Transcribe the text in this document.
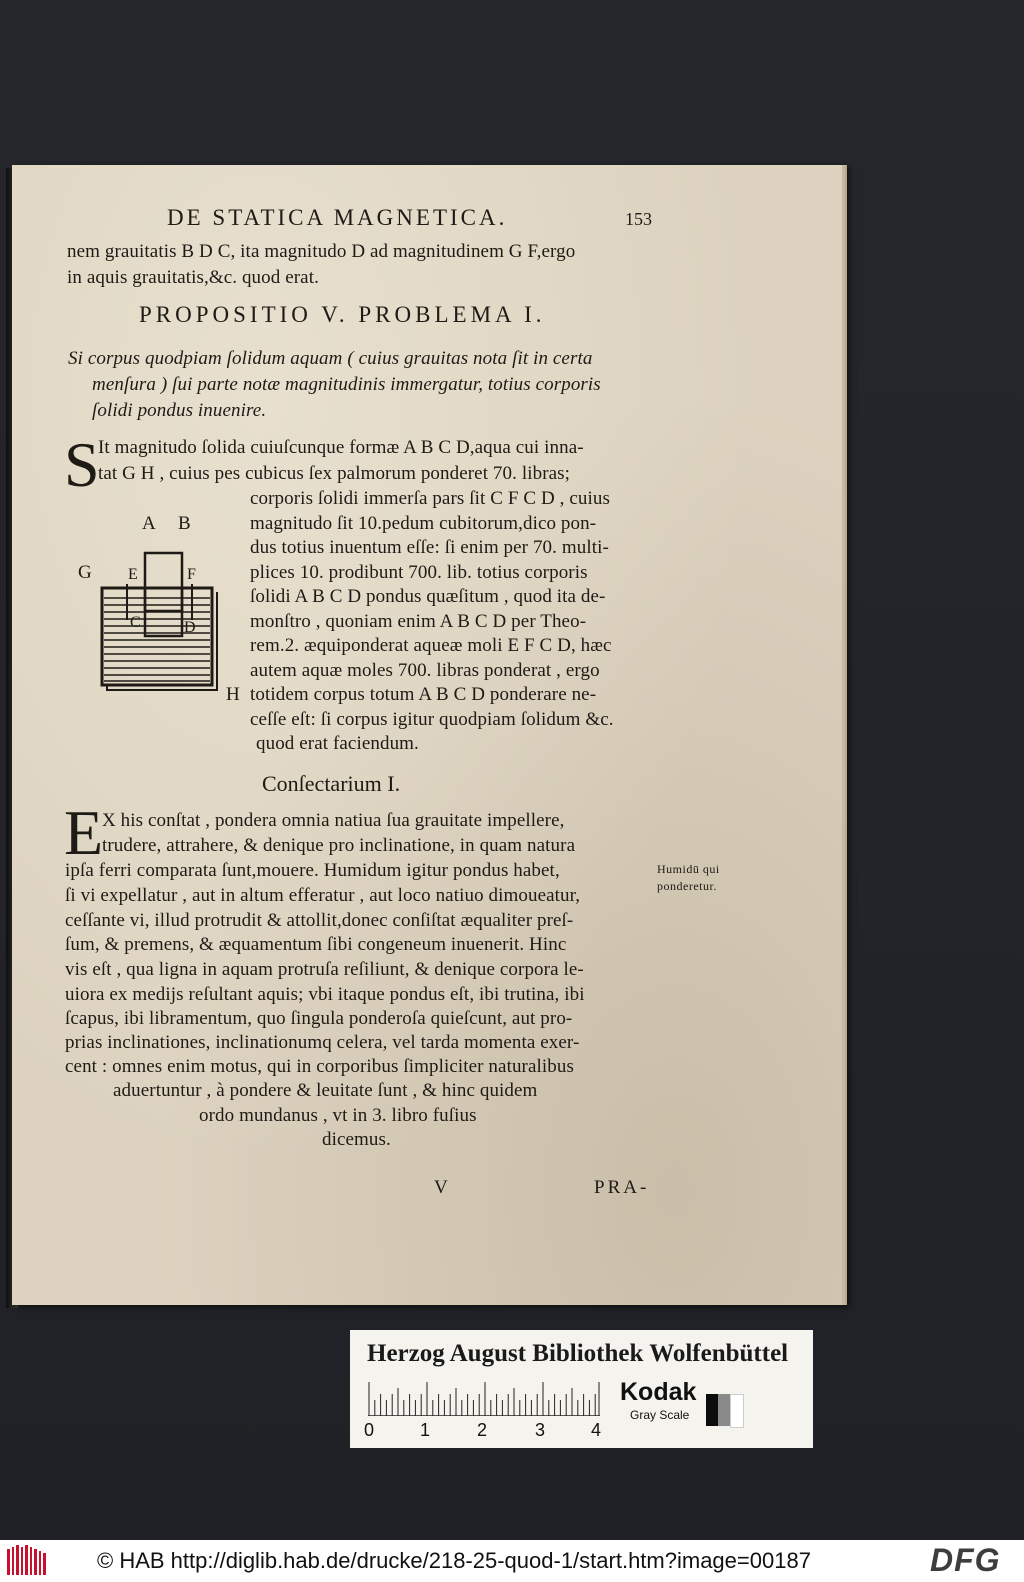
DE STATICA MAGNETICA.	153
nem grauitatis B D C, ita magnitudo D ad magnitudinem G F,ergo
in aquis grauitatis,&c. quod erat.
PROPOSITIO V. PROBLEMA I.
Si corpus quodpiam ſolidum aquam ( cuius grauitas nota ſit in certa
menſura ) ſui parte notæ magnitudinis immergatur, totius corporis
ſolidi pondus inuenire.
S
It magnitudo ſolida cuiuſcunque formæ A B C D,aqua cui inna-
tat G H , cuius pes cubicus ſex palmorum ponderet 70. libras;
corporis ſolidi immerſa pars ſit C F C D , cuius
magnitudo ſit 10.pedum cubitorum,dico pon-
dus totius inuentum eſſe: ſi enim per 70. multi-
plices 10. prodibunt 700. lib. totius corporis
ſolidi A B C D pondus quæſitum , quod ita de-
monſtro , quoniam enim A B C D per Theo-
rem.2. æquiponderat aqueæ moli E F C D, hæc
autem aquæ moles 700. libras ponderat , ergo
totidem corpus totum A B C D ponderare ne-
ceſſe eſt: ſi corpus igitur quodpiam ſolidum &c.
quod erat faciendum.
A B
G E	F
C	D
H
Conſectarium I.
E
X his conſtat , pondera omnia natiua ſua grauitate impellere,
trudere, attrahere, & denique pro inclinatione, in quam natura
ipſa ferri comparata ſunt,mouere. Humidum igitur pondus habet,
ſi vi expellatur , aut in altum efferatur , aut loco natiuo dimoueatur,
ceſſante vi, illud protrudit & attollit,donec conſiſtat æqualiter preſ-
ſum, & premens, & æquamentum ſibi congeneum inuenerit. Hinc
vis eſt , qua ligna in aquam protruſa reſiliunt, & denique corpora le-
uiora ex medijs reſultant aquis; vbi itaque pondus eſt, ibi trutina, ibi
ſcapus, ibi libramentum, quo ſingula ponderoſa quieſcunt, aut pro-
prias inclinationes, inclinationumq celera, vel tarda momenta exer-
cent : omnes enim motus, qui in corporibus ſimpliciter naturalibus
aduertuntur , à pondere & leuitate ſunt , & hinc quidem
ordo mundanus , vt in 3. libro fuſius
dicemus.
Humidū qui
ponderetur.
V	PRA-
Herzog August Bibliothek Wolfenbüttel
0	1	2	3	4
Kodak
Gray Scale
© HAB http://diglib.hab.de/drucke/218-25-quod-1/start.htm?image=00187	DFG
